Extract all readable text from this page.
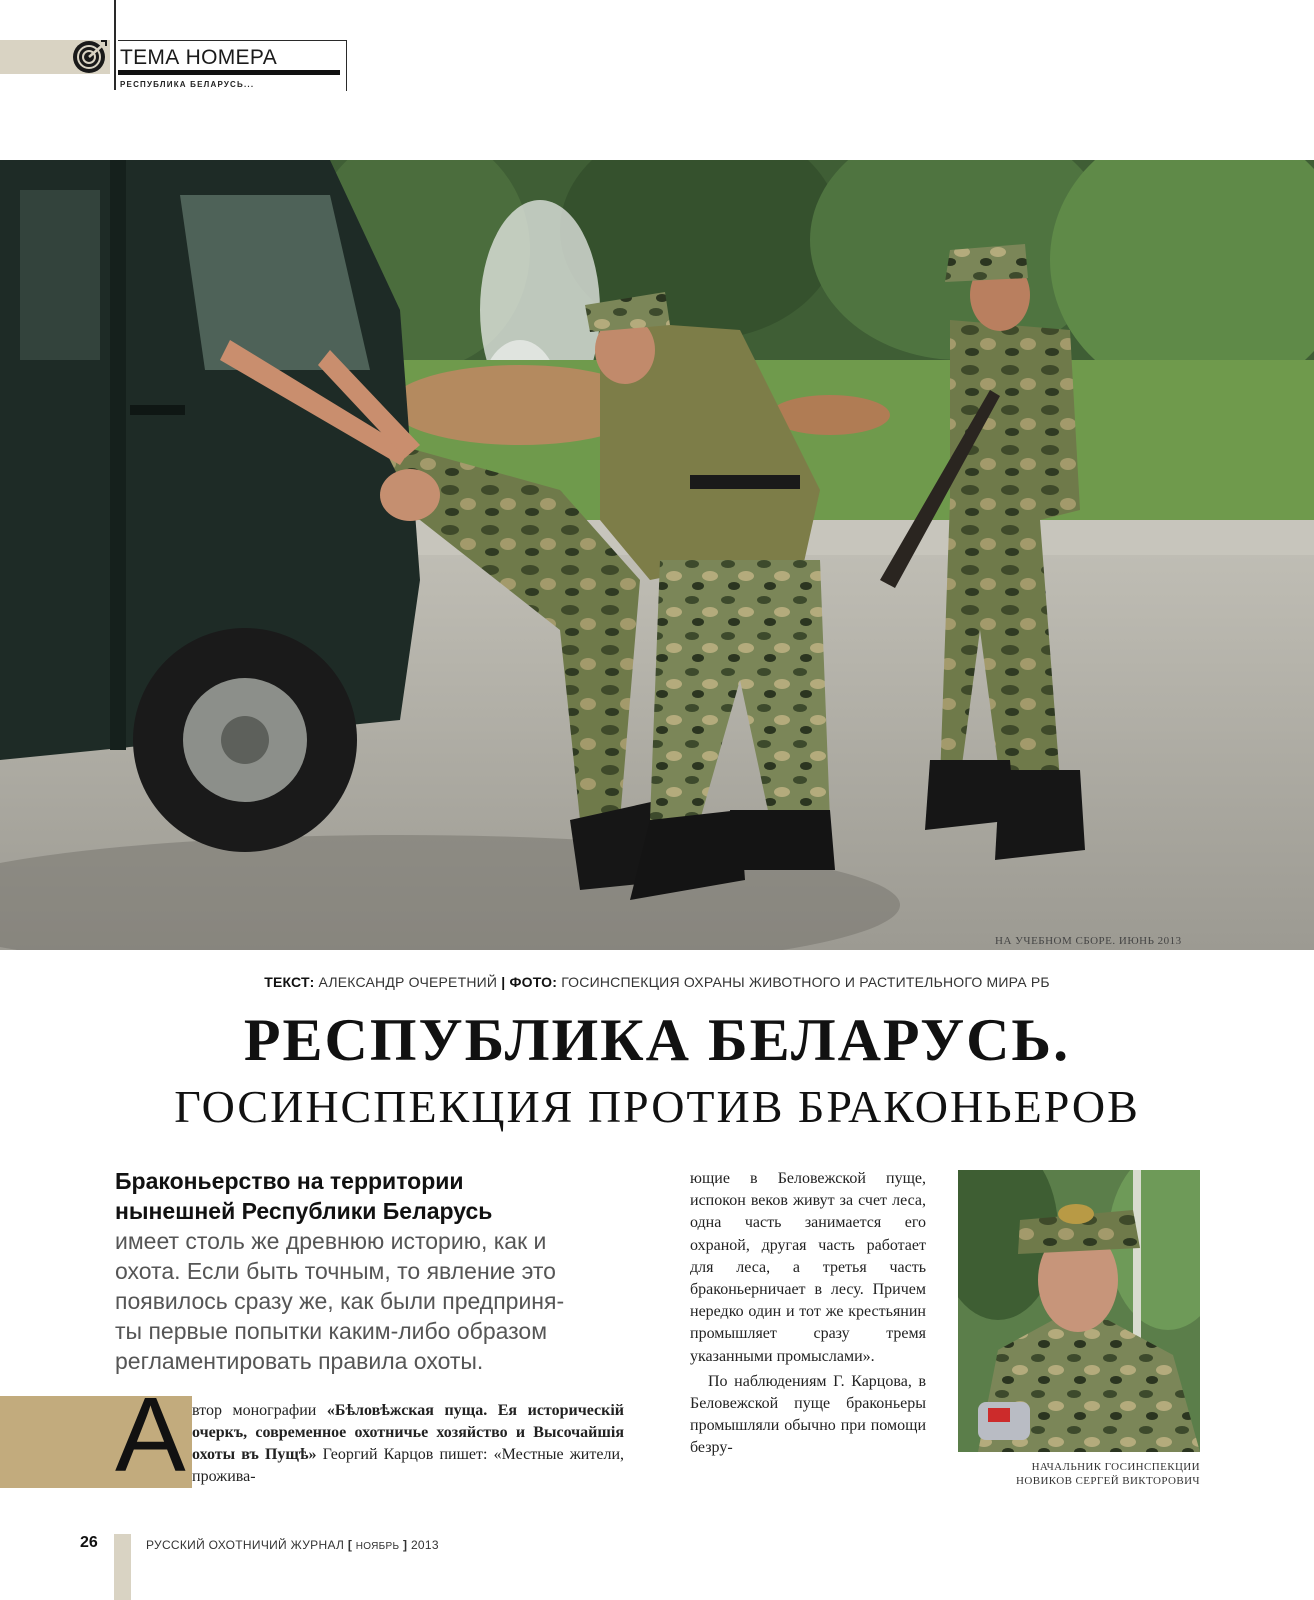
ТЕМА НОМЕРА
РЕСПУБЛИКА БЕЛАРУСЬ...
НА УЧЕБНОМ СБОРЕ. ИЮНЬ 2013
ТЕКСТ: АЛЕКСАНДР ОЧЕРЕТНИЙ | ФОТО: ГОСИНСПЕКЦИЯ ОХРАНЫ ЖИВОТНОГО И РАСТИТЕЛЬНОГО МИРА РБ
РЕСПУБЛИКА БЕЛАРУСЬ.
ГОСИНСПЕКЦИЯ ПРОТИВ БРАКОНЬЕРОВ
Браконьерство на территории
нынешней Республики Беларусь
имеет столь же древнюю историю, как и
охота. Если быть точным, то явление это
появилось сразу же, как были предприня-
ты первые попытки каким-либо образом
регламентировать правила охоты.
А втор монографии «Бѣловѣжская пуща. Ея историческій очеркъ, современное охотничье хозяйство и Высочайшія охоты въ Пущѣ» Георгий Карцов пишет: «Местные жители, прожива-

ющие в Беловежской пуще, испокон веков живут за счет леса, одна часть занимается его охраной, другая часть работает для леса, а третья часть браконьерничает в лесу. Причем нередко один и тот же крестьянин промышляет сразу тремя указанными промыслами».

По наблюдениям Г. Карцова, в Беловежской пуще браконьеры промышляли обычно при помощи безру-

НАЧАЛЬНИК ГОСИНСПЕКЦИИ
НОВИКОВ СЕРГЕЙ ВИКТОРОВИЧ
26	РУССКИЙ ОХОТНИЧИЙ ЖУРНАЛ [ НОЯБРЬ ] 2013
